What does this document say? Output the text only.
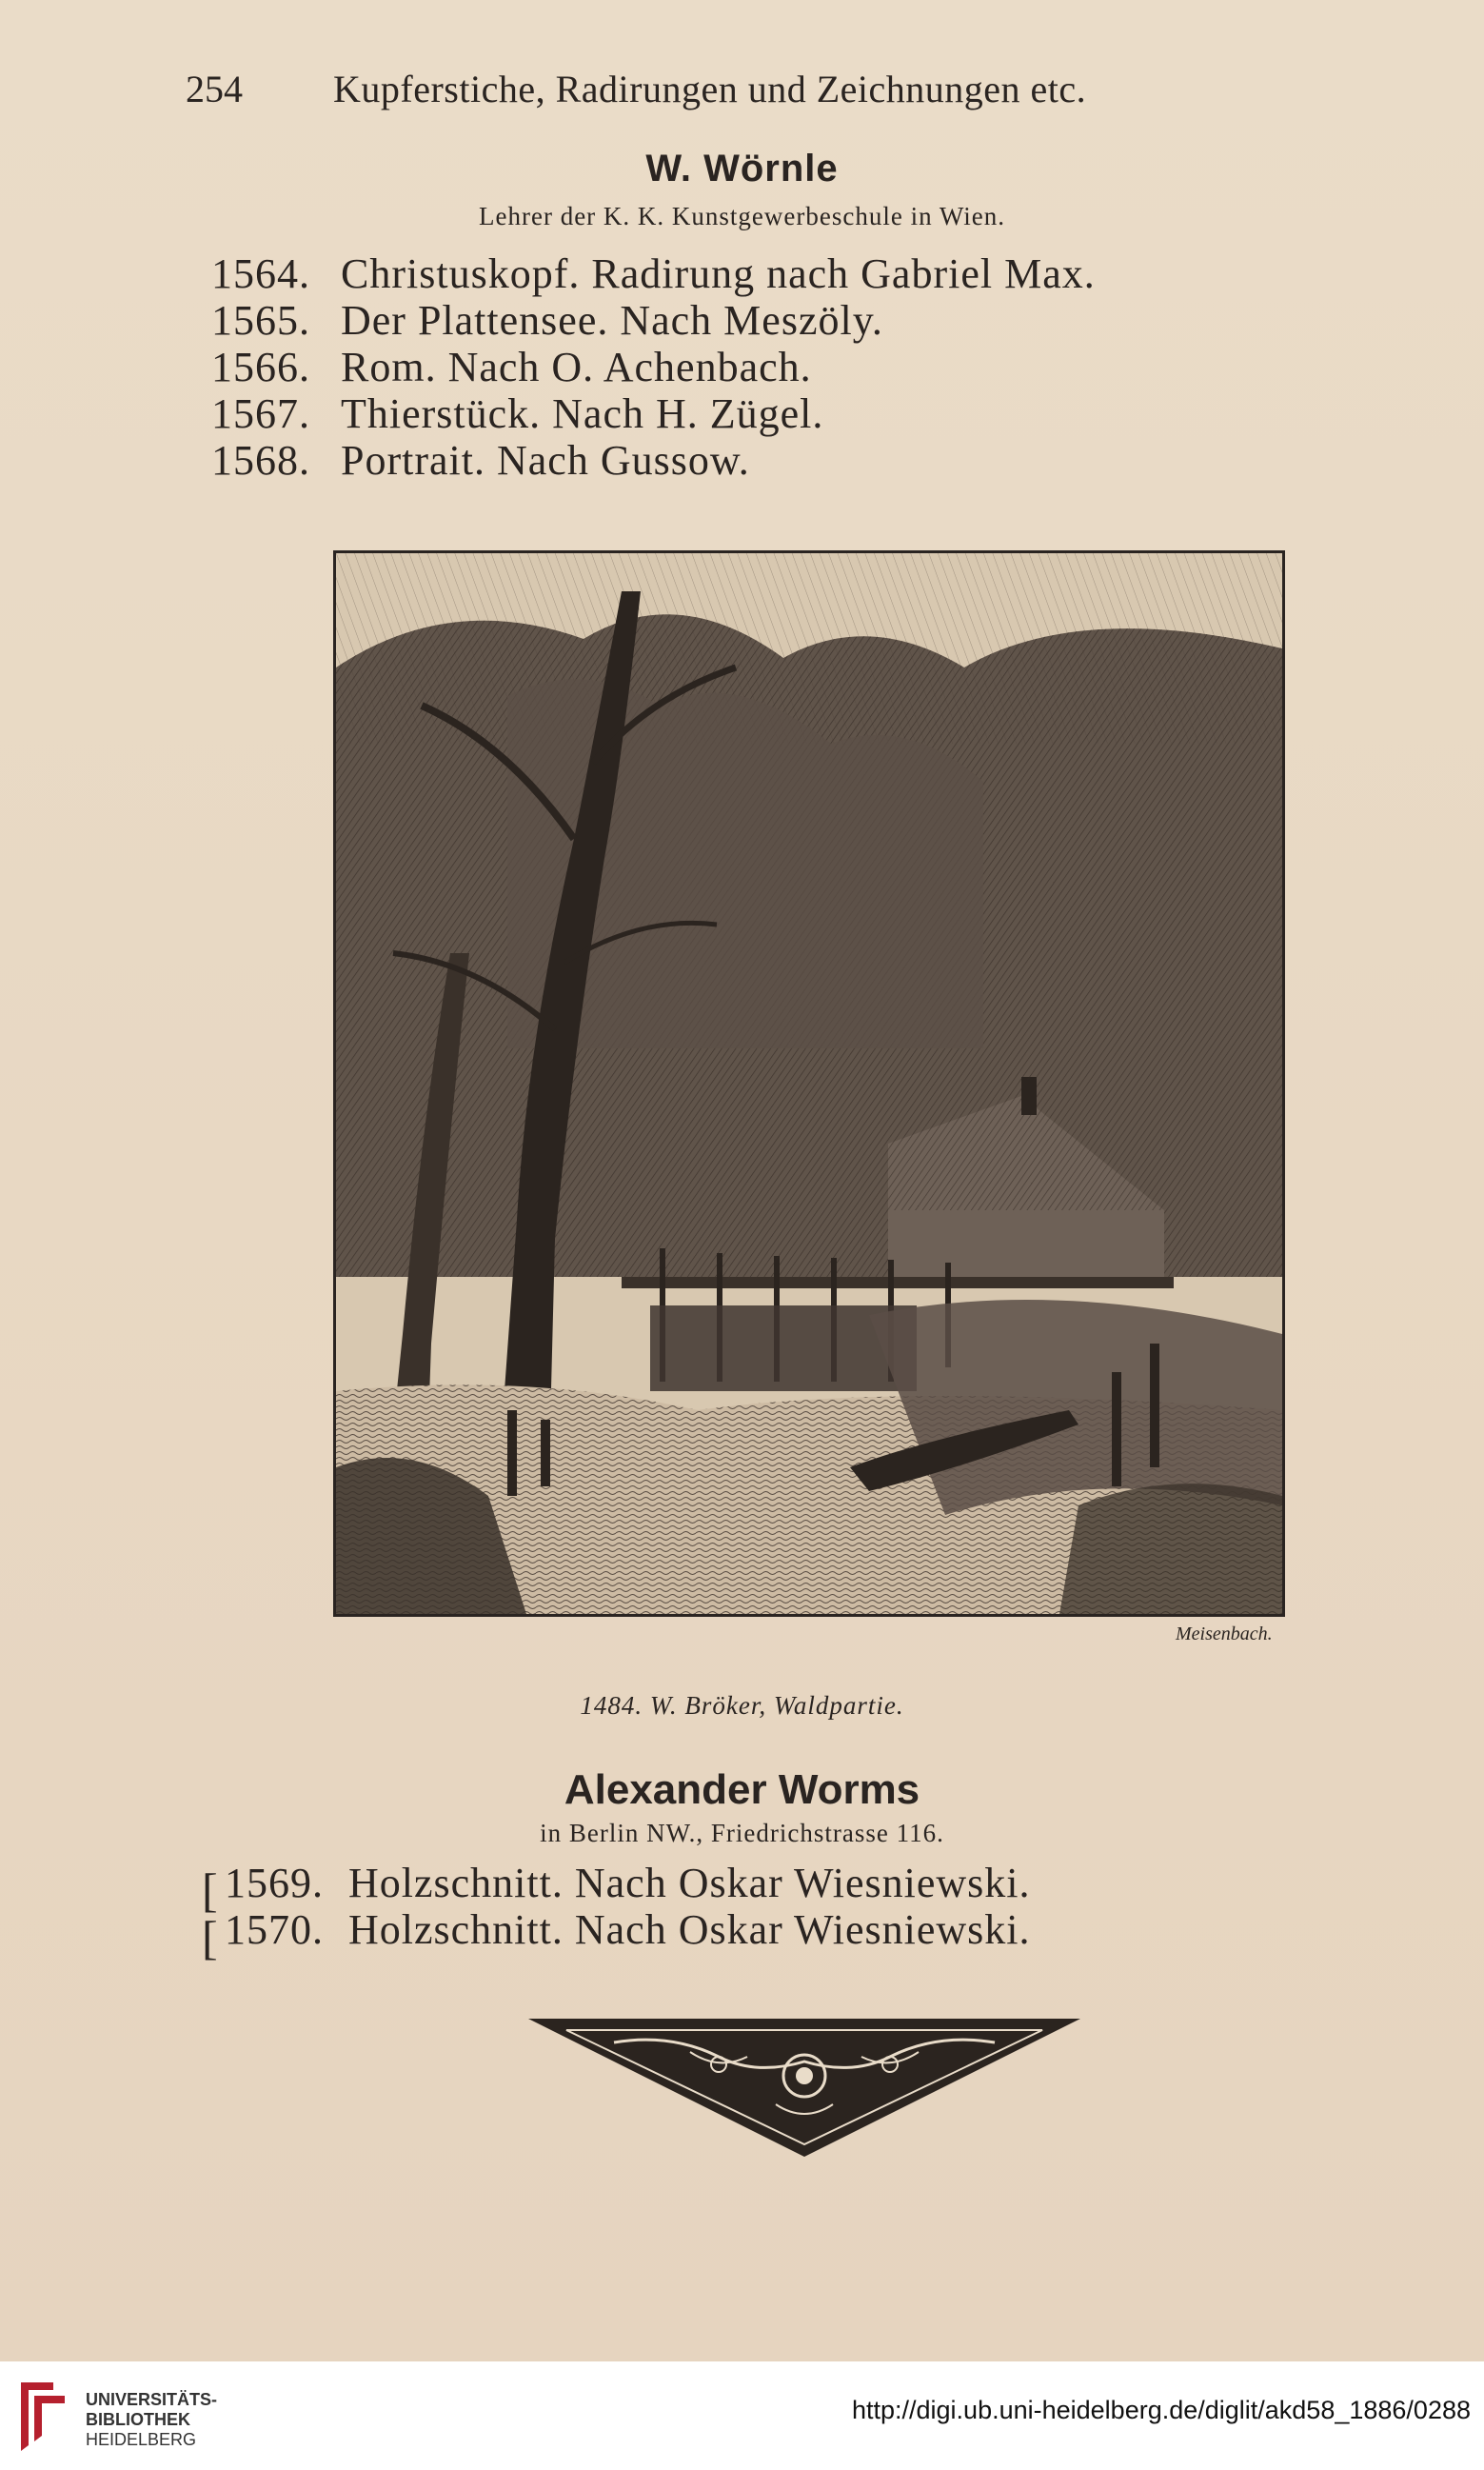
254 Kupferstiche, Radirungen und Zeichnungen etc.
W. Wörnle
Lehrer der K. K. Kunstgewerbeschule in Wien.
1564. Christuskopf. Radirung nach Gabriel Max.
1565. Der Plattensee. Nach Meszöly.
1566. Rom. Nach O. Achenbach.
1567. Thierstück. Nach H. Zügel.
1568. Portrait. Nach Gussow.
Meisenbach.
1484. W. Bröker, Waldpartie.
Alexander Worms
in Berlin NW., Friedrichstrasse 116.
[
[
1569. Holzschnitt. Nach Oskar Wiesniewski.
1570. Holzschnitt. Nach Oskar Wiesniewski.
UNIVERSITÄTS-
BIBLIOTHEK
HEIDELBERG
http://digi.ub.uni-heidelberg.de/diglit/akd58_1886/0288
